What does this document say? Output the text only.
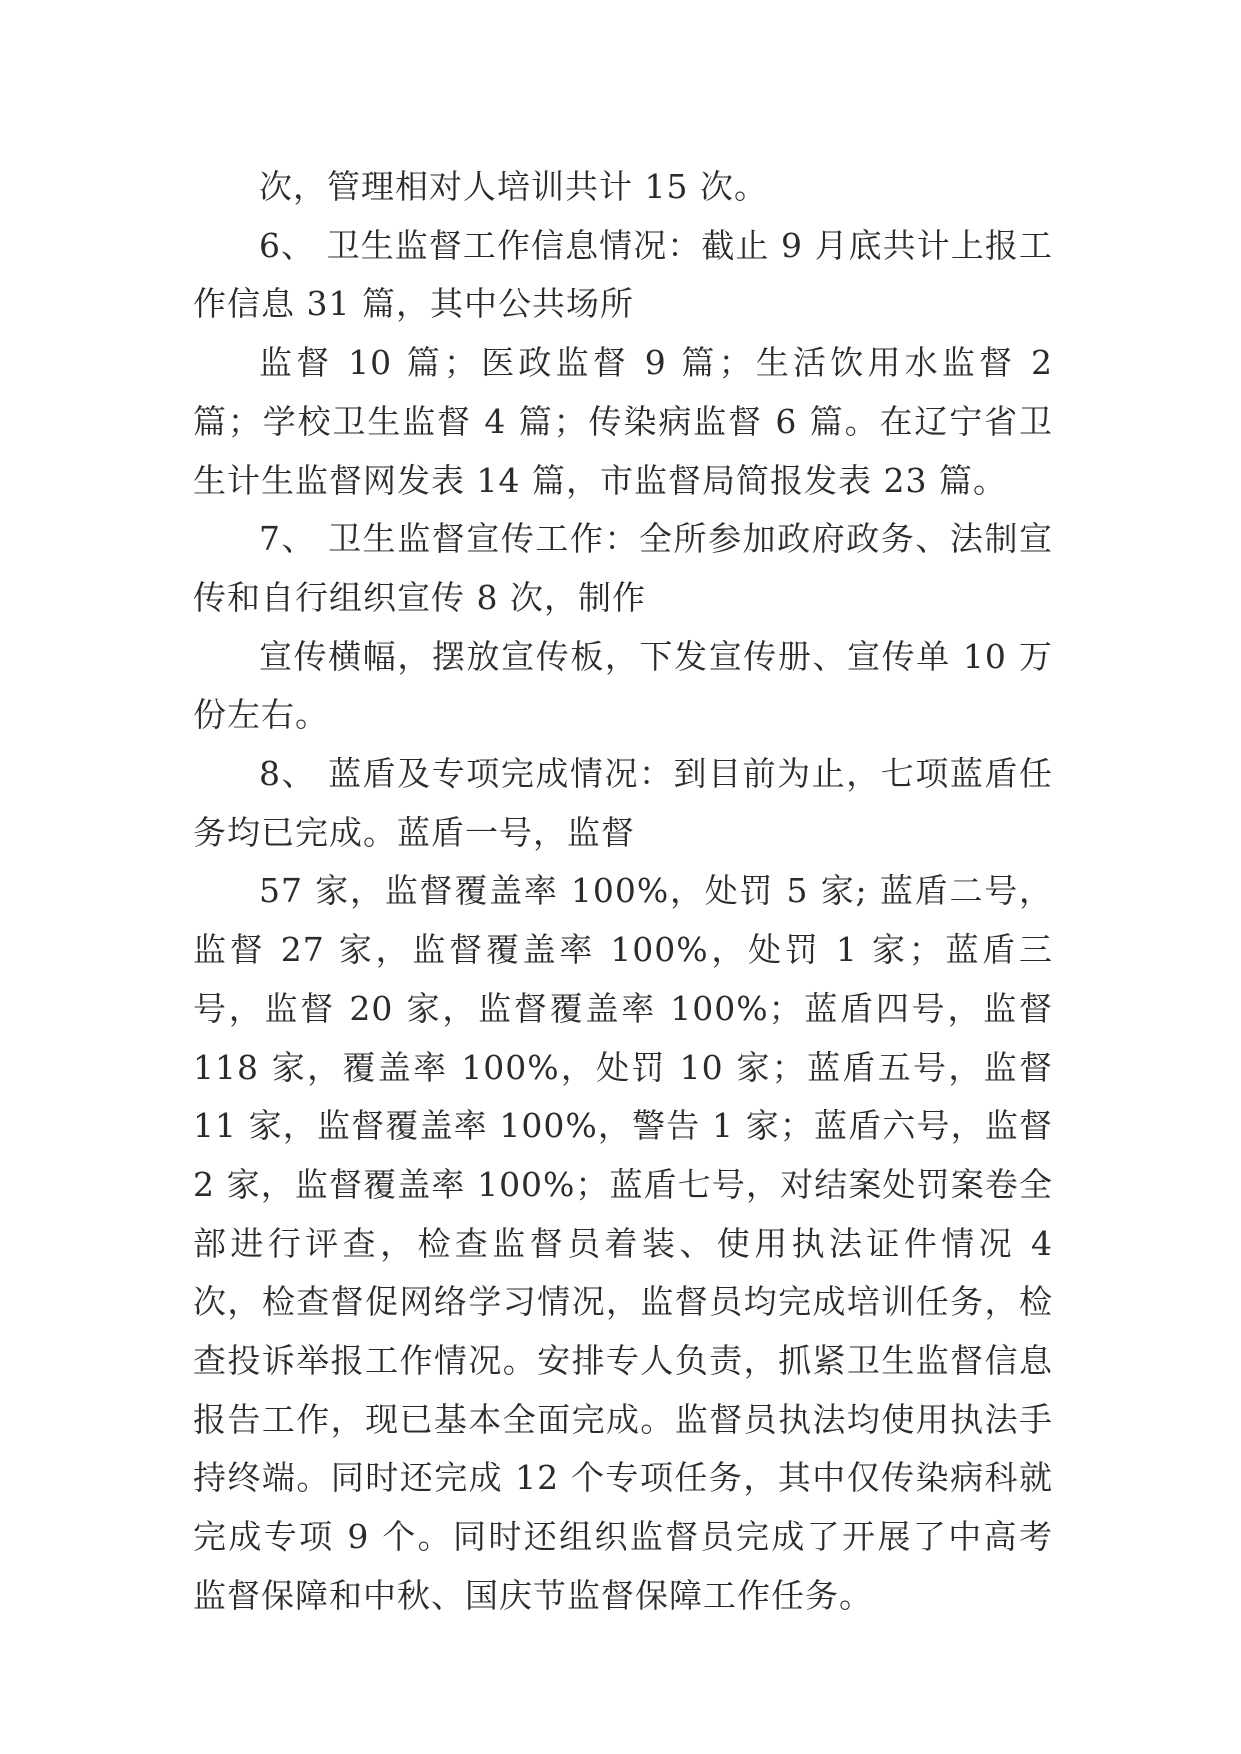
次，管理相对人培训共计 15 次。

6、 卫生监督工作信息情况：截止 9 月底共计上报工作信息 31 篇，其中公共场所

监督 10 篇；医政监督 9 篇；生活饮用水监督 2 篇；学校卫生监督 4 篇；传染病监督 6 篇。在辽宁省卫生计生监督网发表 14 篇，市监督局简报发表 23 篇。

7、 卫生监督宣传工作：全所参加政府政务、法制宣传和自行组织宣传 8 次，制作

宣传横幅，摆放宣传板，下发宣传册、宣传单 10 万份左右。

8、 蓝盾及专项完成情况：到目前为止，七项蓝盾任务均已完成。蓝盾一号，监督

57 家，监督覆盖率 100%，处罚 5 家; 蓝盾二号，监督 27 家，监督覆盖率 100%，处罚 1 家；蓝盾三号，监督 20 家，监督覆盖率 100%；蓝盾四号，监督 118 家，覆盖率 100%，处罚 10 家；蓝盾五号，监督 11 家，监督覆盖率 100%，警告 1 家；蓝盾六号，监督 2 家，监督覆盖率 100%；蓝盾七号，对结案处罚案卷全部进行评查，检查监督员着装、使用执法证件情况 4 次，检查督促网络学习情况，监督员均完成培训任务，检查投诉举报工作情况。安排专人负责，抓紧卫生监督信息报告工作，现已基本全面完成。监督员执法均使用执法手持终端。同时还完成 12 个专项任务，其中仅传染病科就完成专项 9 个。同时还组织监督员完成了开展了中高考监督保障和中秋、国庆节监督保障工作任务。
